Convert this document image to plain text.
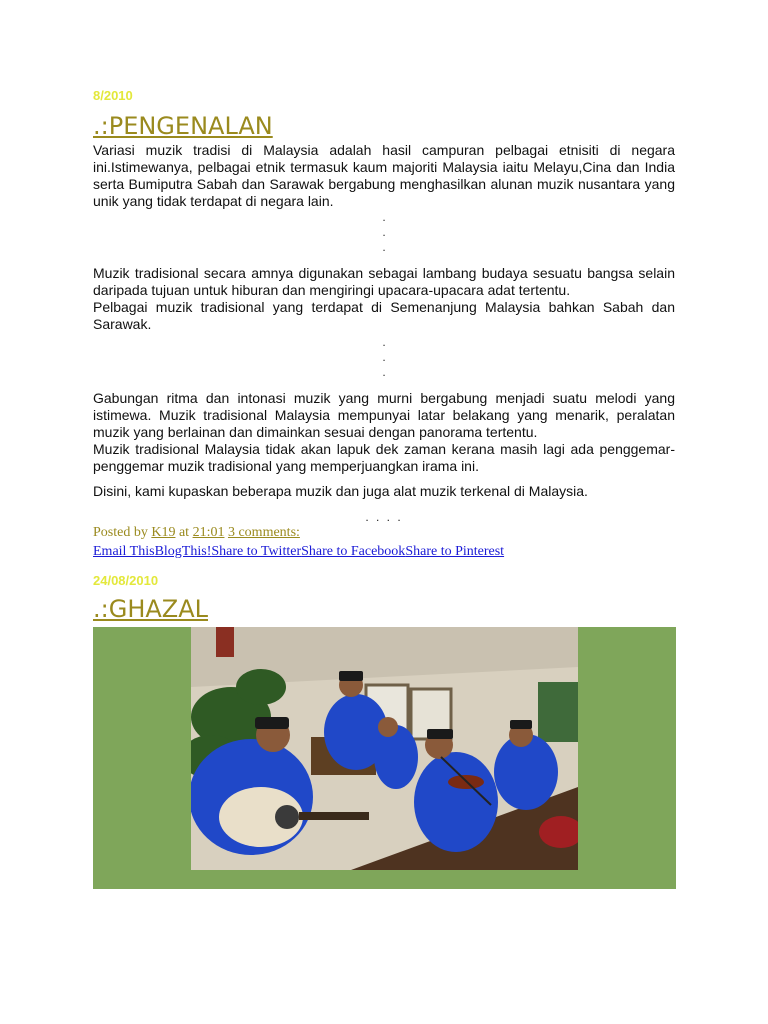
8/2010

.:PENGENALAN

Variasi muzik tradisi di Malaysia adalah hasil campuran pelbagai etnisiti di negara ini.Istimewanya, pelbagai etnik termasuk kaum majoriti Malaysia iaitu Melayu,Cina dan India serta Bumiputra Sabah dan Sarawak bergabung menghasilkan alunan muzik nusantara yang unik yang tidak terdapat di negara lain.

.

.

.

Muzik tradisional secara amnya digunakan sebagai lambang budaya sesuatu bangsa selain daripada tujuan untuk hiburan dan mengiringi upacara-upacara adat tertentu.

Pelbagai muzik tradisional yang terdapat di Semenanjung Malaysia bahkan Sabah dan Sarawak.

.

.

.

Gabungan ritma dan intonasi muzik yang murni bergabung menjadi suatu melodi yang istimewa. Muzik tradisional Malaysia mempunyai latar belakang yang menarik, peralatan muzik yang berlainan dan dimainkan sesuai dengan panorama tertentu.

Muzik tradisional Malaysia tidak akan lapuk dek zaman kerana masih lagi ada penggemar-penggemar muzik tradisional yang memperjuangkan irama ini.

Disini, kami kupaskan beberapa muzik dan juga alat muzik terkenal di Malaysia.

. . . .

Posted by K19 at 21:01 3 comments:

Email ThisBlogThis!Share to TwitterShare to FacebookShare to Pinterest

24/08/2010

.:GHAZAL
